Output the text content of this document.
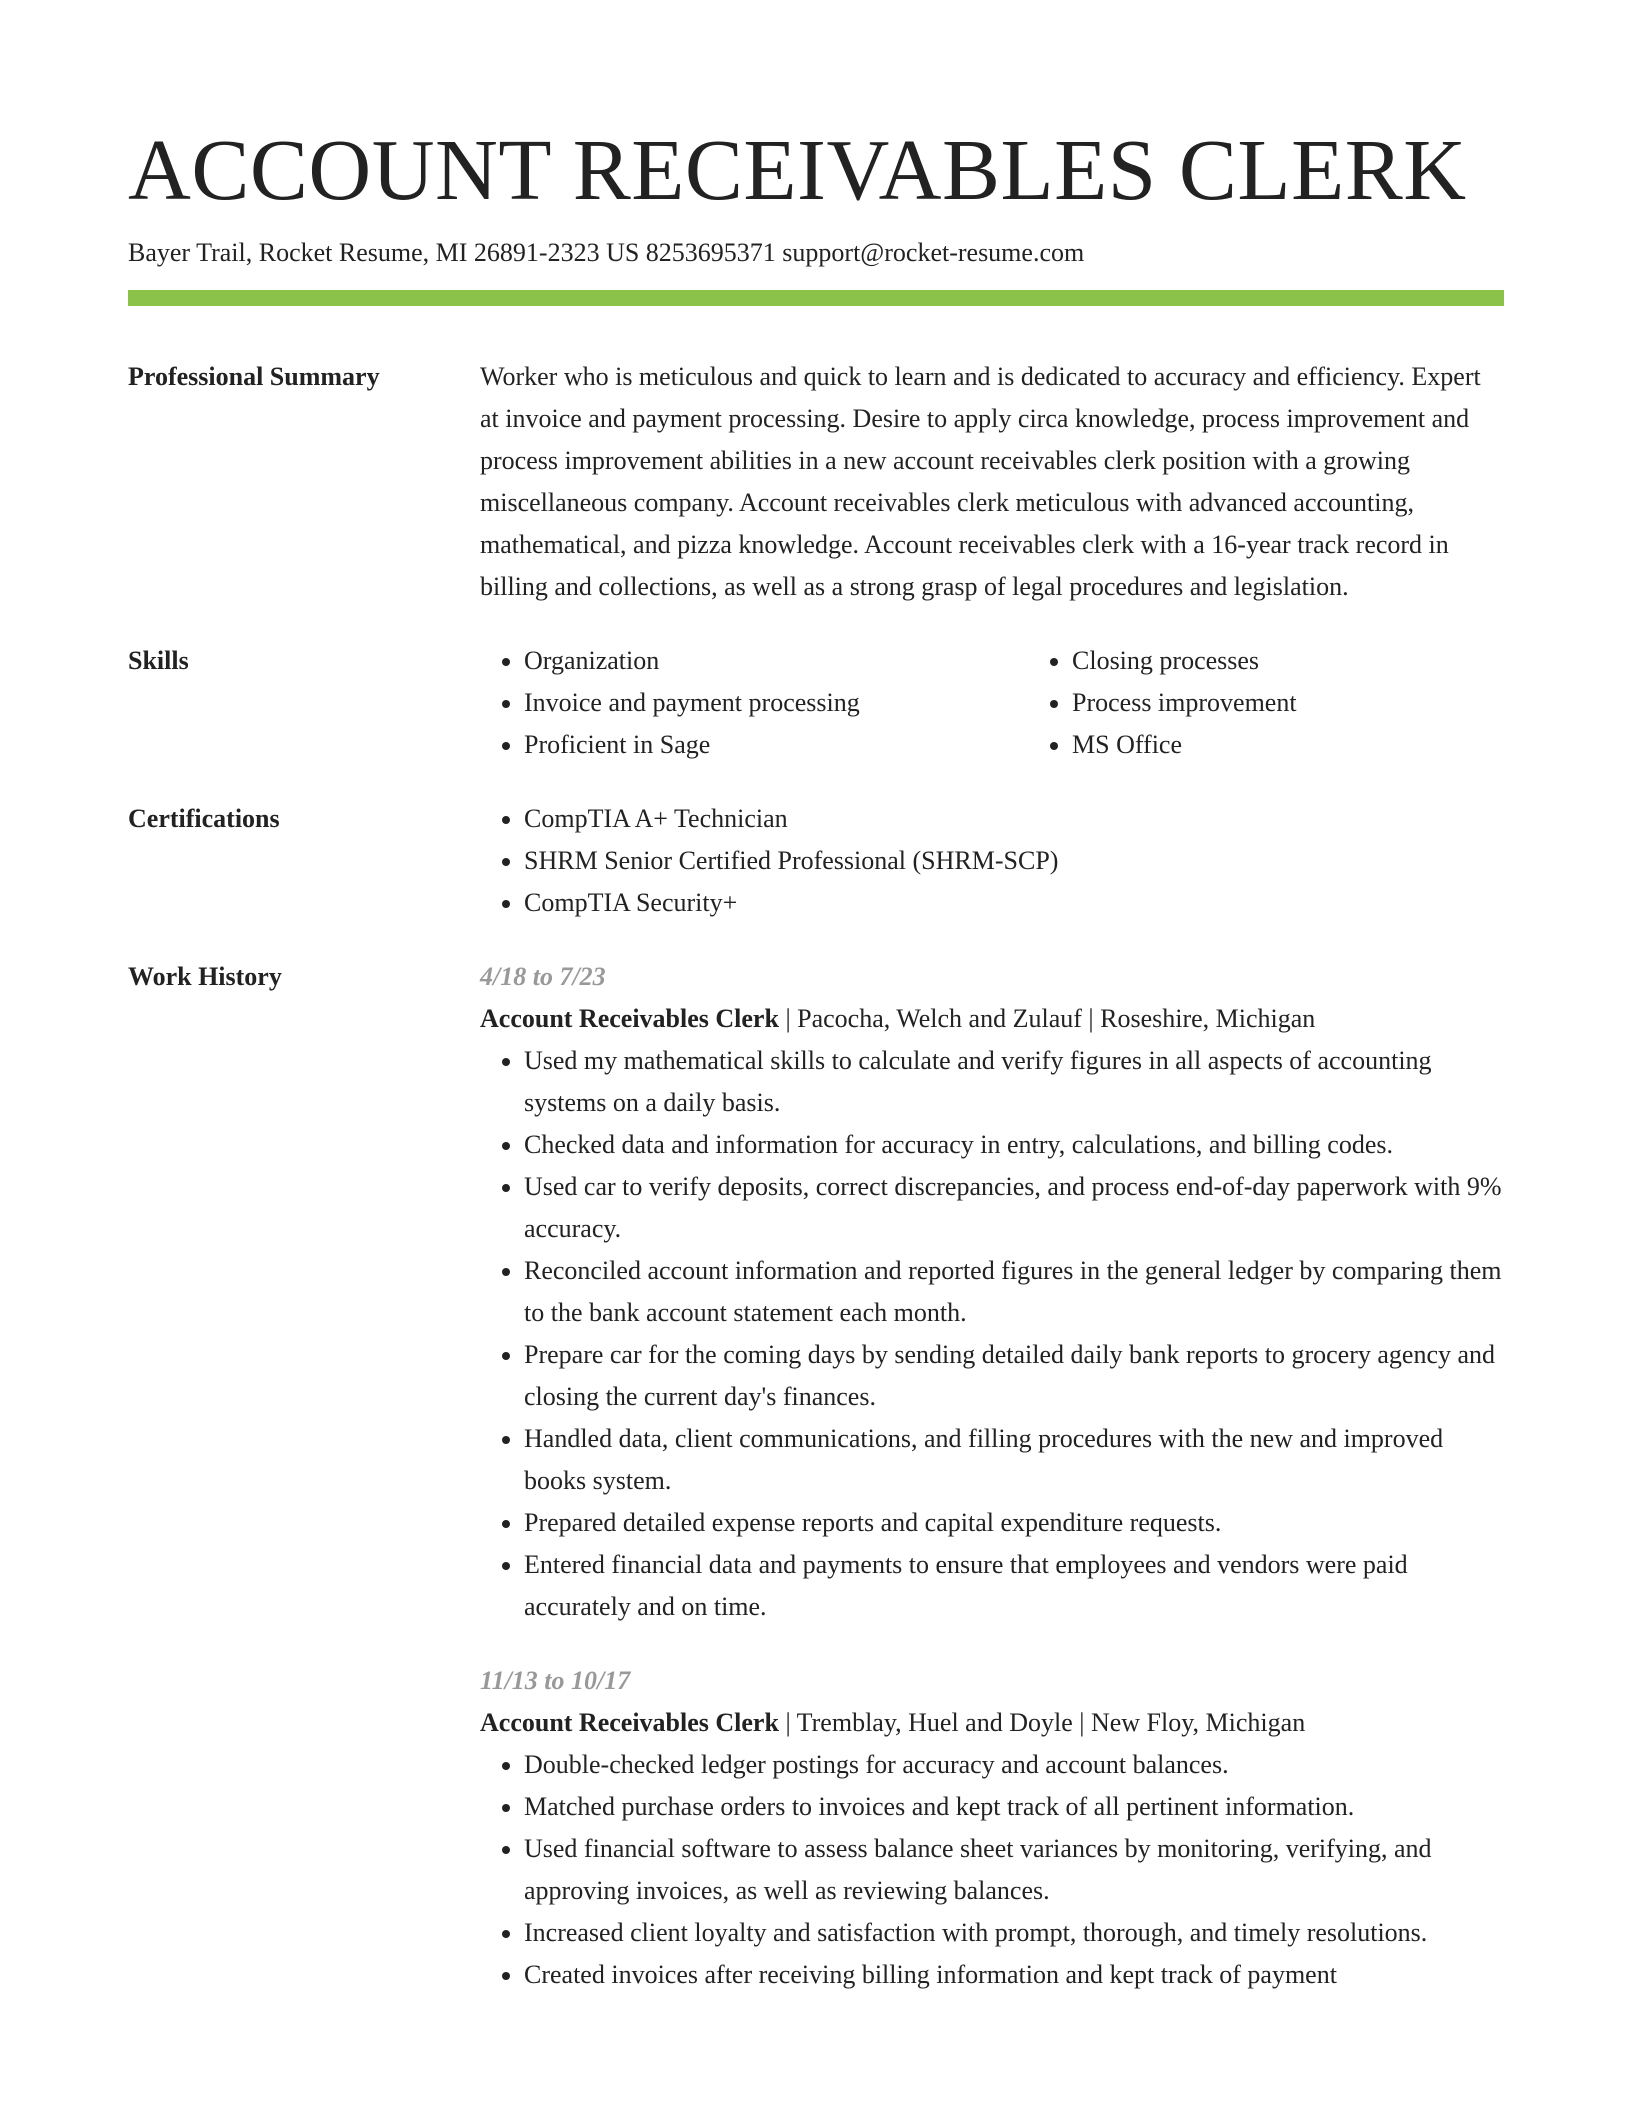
ACCOUNT RECEIVABLES CLERK
Bayer Trail, Rocket Resume, MI 26891-2323 US 8253695371 support@rocket-resume.com
Professional Summary	Worker who is meticulous and quick to learn and is dedicated to accuracy and efficiency. Expert at invoice and payment processing. Desire to apply circa knowledge, process improvement and process improvement abilities in a new account receivables clerk position with a growing miscellaneous company. Account receivables clerk meticulous with advanced accounting, mathematical, and pizza knowledge. Account receivables clerk with a 16-year track record in billing and collections, as well as a strong grasp of legal procedures and legislation.
Skills	• Organization
• Invoice and payment processing
• Proficient in Sage
• Closing processes
• Process improvement
• MS Office
Certifications	• CompTIA A+ Technician
• SHRM Senior Certified Professional (SHRM-SCP)
• CompTIA Security+
Work History	4/18 to 7/23
Account Receivables Clerk | Pacocha, Welch and Zulauf | Roseshire, Michigan
• Used my mathematical skills to calculate and verify figures in all aspects of accounting systems on a daily basis.
• Checked data and information for accuracy in entry, calculations, and billing codes.
• Used car to verify deposits, correct discrepancies, and process end-of-day paperwork with 9% accuracy.
• Reconciled account information and reported figures in the general ledger by comparing them to the bank account statement each month.
• Prepare car for the coming days by sending detailed daily bank reports to grocery agency and closing the current day's finances.
• Handled data, client communications, and filling procedures with the new and improved books system.
• Prepared detailed expense reports and capital expenditure requests.
• Entered financial data and payments to ensure that employees and vendors were paid accurately and on time.
11/13 to 10/17
Account Receivables Clerk | Tremblay, Huel and Doyle | New Floy, Michigan
• Double-checked ledger postings for accuracy and account balances.
• Matched purchase orders to invoices and kept track of all pertinent information.
• Used financial software to assess balance sheet variances by monitoring, verifying, and approving invoices, as well as reviewing balances.
• Increased client loyalty and satisfaction with prompt, thorough, and timely resolutions.
• Created invoices after receiving billing information and kept track of payment
